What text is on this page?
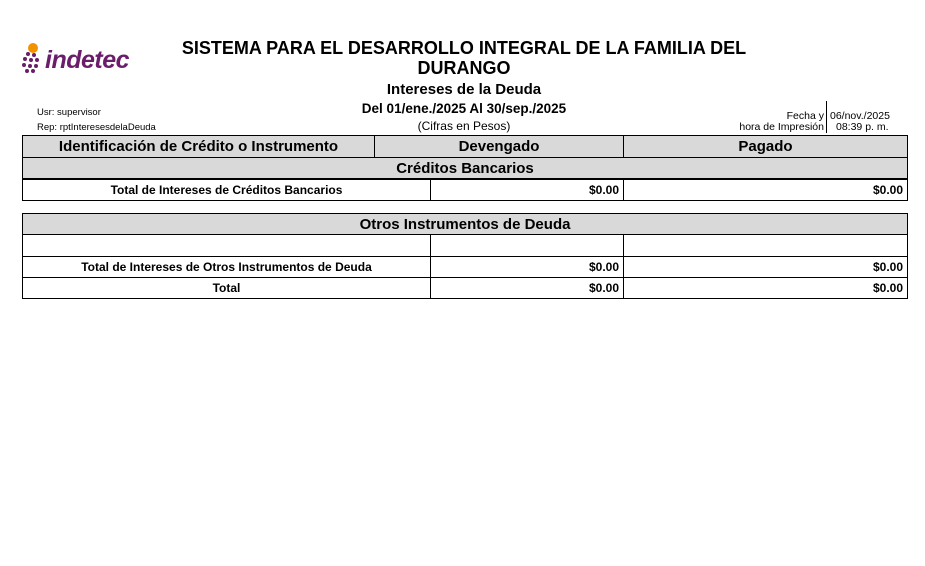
indetec	SISTEMA PARA EL DESARROLLO INTEGRAL DE LA FAMILIA DEL DURANGO
Intereses de la Deuda
Del 01/ene./2025 Al 30/sep./2025
(Cifras en Pesos)
Usr: supervisor
Rep: rptInteresesdelaDeuda
Fecha y
hora de Impresión
06/nov./2025
08:39 p. m.
Identificación de Crédito o Instrumento	Devengado	Pagado
Créditos Bancarios
Total de Intereses de Créditos Bancarios	$0.00	$0.00
Otros Instrumentos de Deuda		

Total de Intereses de Otros Instrumentos de Deuda	$0.00	$0.00
Total	$0.00	$0.00
